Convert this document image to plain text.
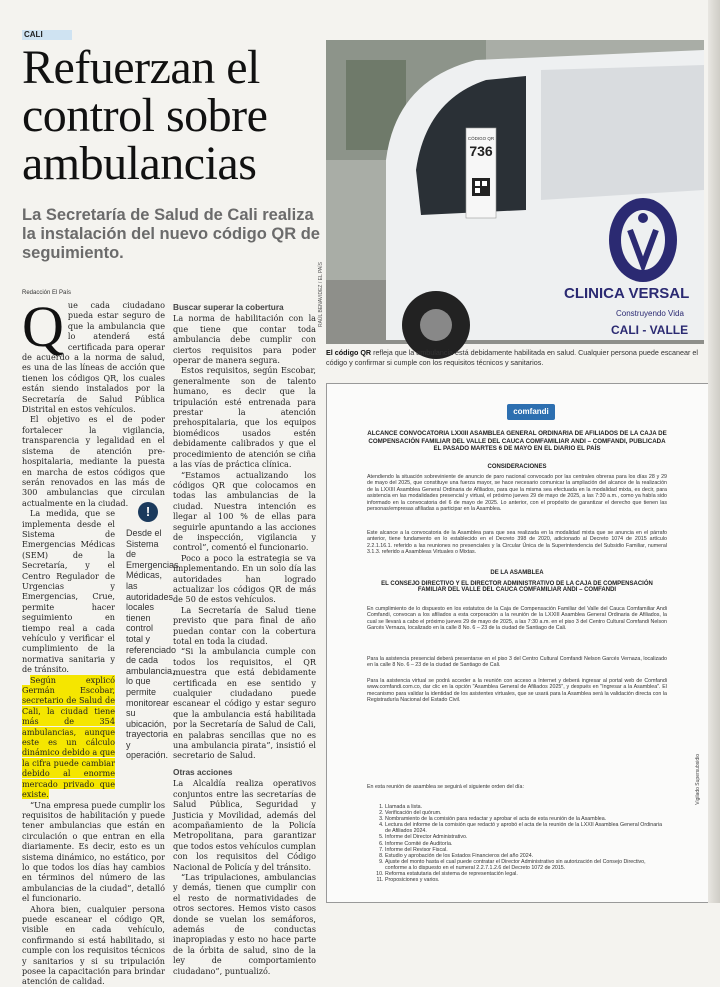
CALI
Refuerzan el control sobre ambulancias
La Secretaría de Salud de Cali realiza la instalación del nuevo código QR de seguimiento.
Redacción El País
Q ue cada ciudadano pueda estar seguro de que la ambulancia que lo atenderá está certificada para operar de acuerdo a la norma de salud, es una de las líneas de acción que tienen los códigos QR, los cuales están siendo instalados por la Secretaría de Salud Pública Distrital en estos vehículos.

El objetivo es el de poder fortalecer la vigilancia, transparencia y legalidad en el sistema de atención pre-hospitalaria, mediante la puesta en marcha de estos códigos que serán renovados en las más de 300 ambulancias que circulan actualmente en la ciudad.

La medida, que se implementa desde el Sistema de Emergencias Médicas (SEM) de la Secretaría, y el Centro Regulador de Urgencias y Emergencias, Crue, permite hacer seguimiento en tiempo real a cada vehículo y verificar el cumplimiento de la normativa sanitaria y de tránsito.

Según explicó Germán Escobar, secretario de Salud de Cali, la ciudad tiene más de 354 ambulancias, aunque este es un cálculo dinámico debido a que la cifra puede cambiar debido al enorme mercado privado que existe.

“Una empresa puede cumplir los requisitos de habilitación y puede tener ambulancias que están en circulación o que entran en ella diariamente. Es decir, esto es un sistema dinámico, no estático, por lo que todos los días hay cambios en términos del número de las ambulancias de la ciudad”, detalló el funcionario.

Ahora bien, cualquier persona puede escanear el código QR, visible en cada vehículo, confirmando si está habilitado, si cumple con los requisitos técnicos y sanitarios y si su tripulación posee la capacitación para brindar atención de calidad.

!
Desde el Sistema de Emergencias Médicas, las autoridades locales tienen control total y referenciado de cada ambulancia, lo que permite monitorear su ubicación, trayectoria y operación.
Buscar superar la cobertura

La norma de habilitación con la que tiene que contar toda ambulancia debe cumplir con ciertos requisitos para poder operar de manera segura.

Estos requisitos, según Escobar, generalmente son de talento humano, es decir que la tripulación esté entrenada para prestar la atención prehospitalaria, que los equipos biomédicos usados estén debidamente calibrados y que el procedimiento de atención se ciña a las vías de práctica clínica.

“Estamos actualizando los códigos QR que colocamos en todas las ambulancias de la ciudad. Nuestra intención es llegar al 100 % de ellas para seguirle apuntando a las acciones de inspección, vigilancia y control”, comentó el funcionario.

Poco a poco la estrategia se va implementando. En un solo día las autoridades han logrado actualizar los códigos QR de más de 50 de estos vehículos.

La Secretaría de Salud tiene previsto que para final de año puedan contar con la cobertura total en toda la ciudad.

“Si la ambulancia cumple con todos los requisitos, el QR muestra que está debidamente certificada en ese sentido y cualquier ciudadano puede escanear el código y estar seguro que la ambulancia está habilitada por la Secretaría de Salud de Cali, en palabras sencillas que no es una ambulancia pirata”, insistió el secretario de Salud.

Otras acciones

La Alcaldía realiza operativos conjuntos entre las secretarías de Salud Pública, Seguridad y Justicia y Movilidad, además del acompañamiento de la Policía Metropolitana, para garantizar que todos estos vehículos cumplan con los requisitos del Código Nacional de Policía y del tránsito.

“Las tripulaciones, ambulancias y demás, tienen que cumplir con el resto de normatividades de otros sectores. Hemos visto casos donde se vuelan los semáforos, además de conductas inapropiadas y esto no hace parte de la órbita de salud, sino de la ley de comportamiento ciudadano”, puntualizó.

RAÚL BENAVIDEZ / EL PAÍS
CÓDIGO QR
736
CLINICA VERSAL
Construyendo Vida
CALI - VALLE
El código QR refleja que la ambulancia está debidamente habilitada en salud. Cualquier persona puede escanear el código y confirmar si cumple con los requisitos técnicos y sanitarios.
comfandi
ALCANCE CONVOCATORIA LXXIII ASAMBLEA GENERAL ORDINARIA DE AFILIADOS DE LA CAJA DE COMPENSACIÓN FAMILIAR DEL VALLE DEL CAUCA COMFAMILIAR ANDI – COMFANDI, PUBLICADA EL PASADO MARTES 6 DE MAYO EN EL DIARIO EL PAÍS
CONSIDERACIONES
Atendiendo la situación sobreviniente de anuncio de paro nacional convocado por las centrales obreras para los días 28 y 29 de mayo del 2025, que constituye una fuerza mayor, se hace necesario comunicar la ampliación del alcance de la realización de la LXXIII Asamblea General Ordinaria de Afiliados, para que la misma sea efectuada en la modalidad mixta, es decir, para asistencia en las modalidades presencial y virtual, el próximo jueves 29 de mayo de 2025, a las 7:30 a.m., como ya había sido informado en la convocatoria del 6 de mayo de 2025. Lo anterior, con el propósito de garantizar el derecho que tienen las personas/empresas afiliadas a participar en la Asamblea.
Este alcance a la convocatoria de la Asamblea para que sea realizada en la modalidad mixta que se anuncia en el párrafo anterior, tiene fundamento en lo establecido en el Decreto 398 de 2020, adicionado al Decreto 1074 de 2015 artículo 2.2.1.16.1. referido a las reuniones no presenciales y la Circular Única de la Superintendencia del Subsidio Familiar, numeral 3.1.3. referido a Asambleas Virtuales o Mixtas.
DE LA ASAMBLEA
EL CONSEJO DIRECTIVO Y EL DIRECTOR ADMINISTRATIVO DE LA CAJA DE COMPENSACIÓN FAMILIAR DEL VALLE DEL CAUCA COMFAMILIAR ANDI – COMFANDI
En cumplimiento de lo dispuesto en los estatutos de la Caja de Compensación Familiar del Valle del Cauca Comfamiliar Andi Comfandi, convocan a los afiliados a esta corporación a la reunión de la LXXIII Asamblea General Ordinaria de Afiliados, la cual se llevará a cabo el próximo jueves 29 de mayo de 2025, a las 7:30 a.m. en el piso 3 del Centro Cultural Comfandi Nelson Garcés Vernaza, localizado en la calle 8 No. 6 – 23 de la ciudad de Santiago de Cali.
Para la asistencia presencial deberá presentarse en el piso 3 del Centro Cultural Comfandi Nelson Garcés Vernaza, localizado en la calle 8 No. 6 – 23 de la ciudad de Santiago de Cali.
Para la asistencia virtual se podrá acceder a la reunión con acceso a Internet y deberá ingresar al portal web de Comfandi www.comfandi.com.co, dar clic en la opción "Asamblea General de Afiliados 2025", y después en "Ingresar a la Asamblea". El mecanismo para validar la identidad de los asistentes virtuales, que se usará para la Asamblea será la validación directa con la Registraduría Nacional del Estado Civil.
En esta reunión de asamblea se seguirá el siguiente orden del día:
1. Llamada a lista.
2. Verificación del quórum.
3. Nombramiento de la comisión para redactar y aprobar el acta de esta reunión de la Asamblea.
4. Lectura del informe de la comisión que redactó y aprobó el acta de la reunión de la LXXII Asamblea General Ordinaria de Afiliados 2024.
5. Informe del Director Administrativo.
6. Informe Comité de Auditoría.
7. Informe del Revisor Fiscal.
8. Estudio y aprobación de los Estados Financieros del año 2024.
9. Ajuste del monto hasta el cual puede contratar el Director Administrativo sin autorización del Consejo Directivo, conforme a lo dispuesto en el numeral 2.2.7.1.2.6 del Decreto 1072 de 2015.
10. Reforma estatutaria del sistema de representación legal.
11. Proposiciones y varios.
Vigilado Supersubsidio
